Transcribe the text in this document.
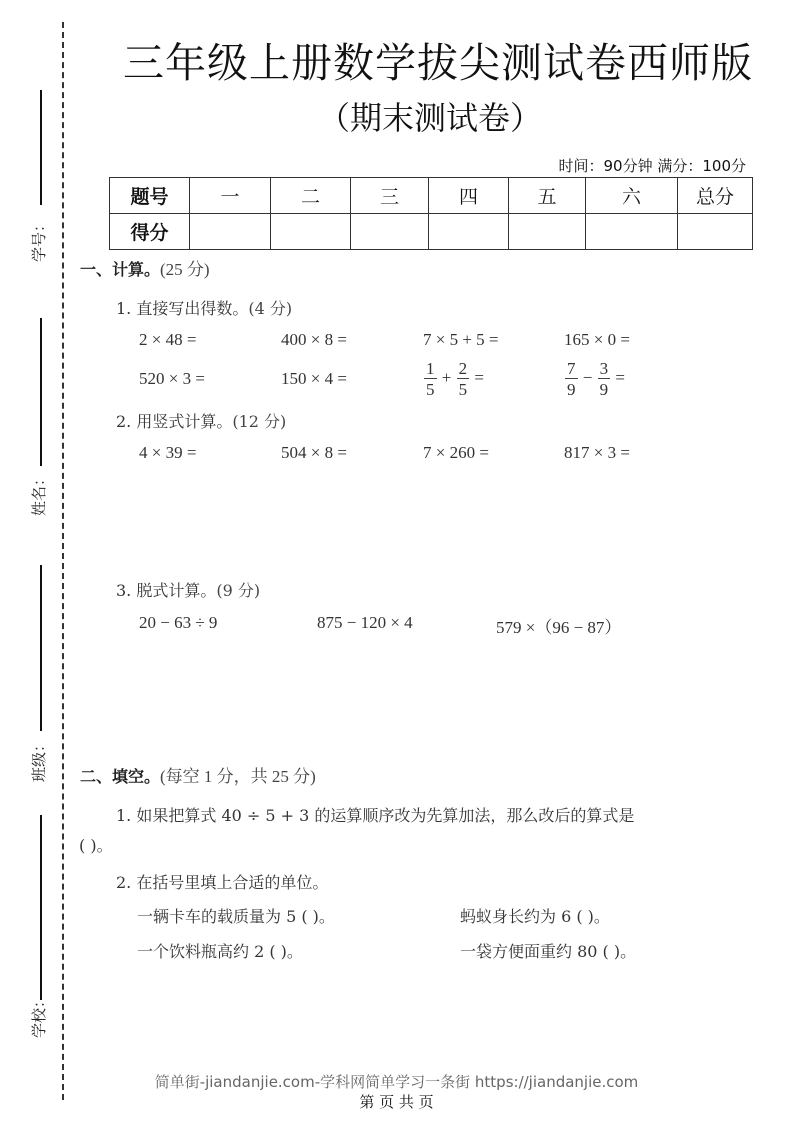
学号：
姓名：
班级：
学校：
三年级上册数学拔尖测试卷西师版
（期末测试卷）
时间：90分钟 满分：100分
题号	一	二	三	四	五	六	总分
得分							
一、计算。(25 分)
1. 直接写出得数。(4 分)
2 × 48 =	400 × 8 =	7 × 5 + 5 =	165 × 0 =
520 × 3 =	150 × 4 =	$\frac{1}{5} + \frac{2}{5}$ =	$\frac{7}{9} - \frac{3}{9}$ =
2. 用竖式计算。(12 分)
4 × 39 =	504 × 8 =	7 × 260 =	817 × 3 =
3. 脱式计算。(9 分)
20 − 63 ÷ 9	875 − 120 × 4	579 ×（96 − 87）
二、填空。(每空 1 分，共 25 分)
1. 如果把算式 40 ÷ 5 + 3 的运算顺序改为先算加法，那么改后的算式是
( )。
2. 在括号里填上合适的单位。
一辆卡车的载质量为 5 ( )。	蚂蚁身长约为 6 ( )。
一个饮料瓶高约 2 ( )。	一袋方便面重约 80 ( )。
简单街-jiandanjie.com-学科网简单学习一条街 https://jiandanjie.com
第 页 共 页
